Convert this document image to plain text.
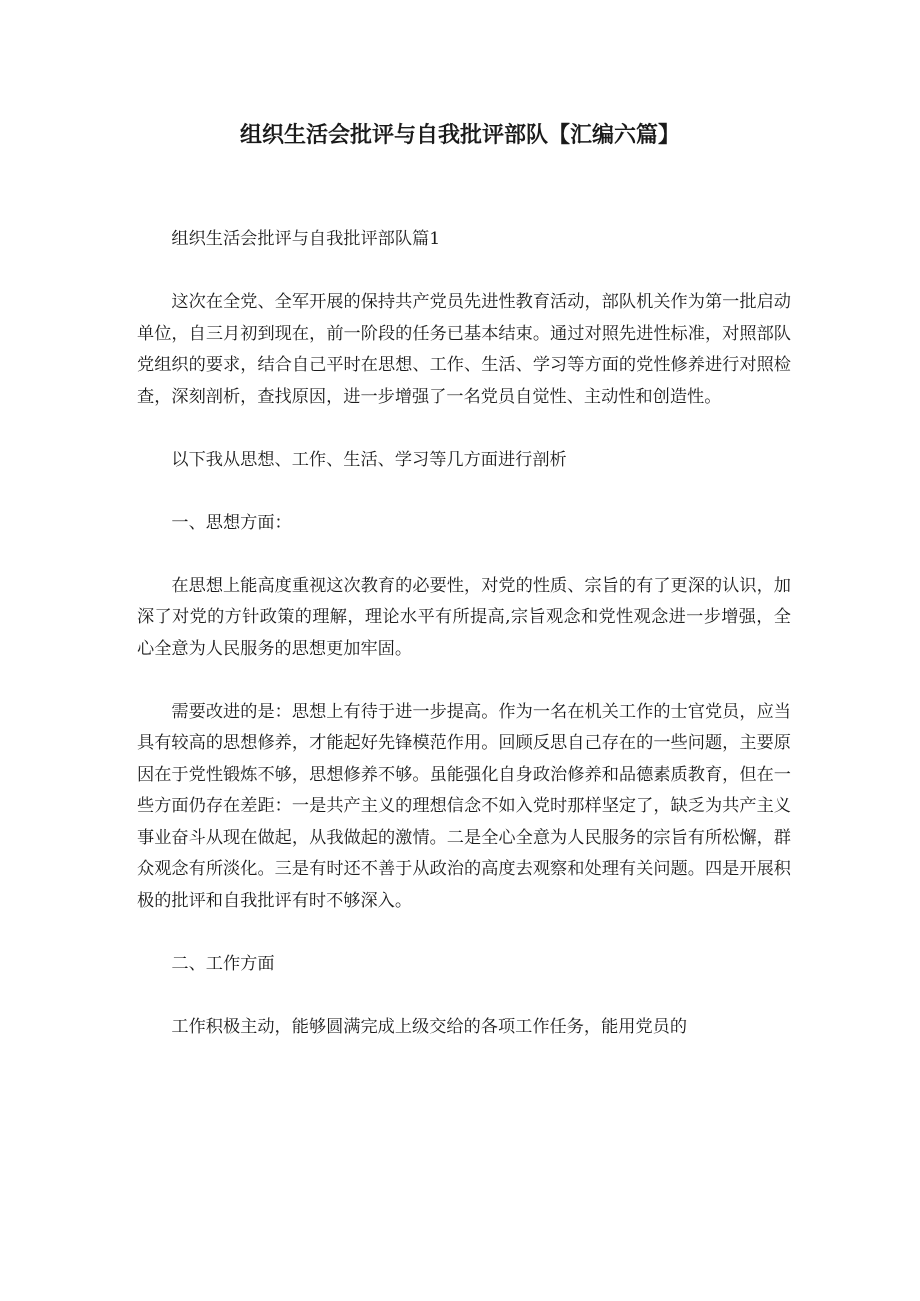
组织生活会批评与自我批评部队【汇编六篇】

组织生活会批评与自我批评部队篇1

这次在全党、全军开展的保持共产党员先进性教育活动，部队机关作为第一批启动单位，自三月初到现在，前一阶段的任务已基本结束。通过对照先进性标准，对照部队党组织的要求，结合自己平时在思想、工作、生活、学习等方面的党性修养进行对照检查，深刻剖析，查找原因，进一步增强了一名党员自觉性、主动性和创造性。

以下我从思想、工作、生活、学习等几方面进行剖析

一、思想方面：

在思想上能高度重视这次教育的必要性，对党的性质、宗旨的有了更深的认识，加深了对党的方针政策的理解，理论水平有所提高,宗旨观念和党性观念进一步增强，全心全意为人民服务的思想更加牢固。

需要改进的是：思想上有待于进一步提高。作为一名在机关工作的士官党员，应当具有较高的思想修养，才能起好先锋模范作用。回顾反思自己存在的一些问题，主要原因在于党性锻炼不够，思想修养不够。虽能强化自身政治修养和品德素质教育，但在一些方面仍存在差距：一是共产主义的理想信念不如入党时那样坚定了，缺乏为共产主义事业奋斗从现在做起，从我做起的激情。二是全心全意为人民服务的宗旨有所松懈，群众观念有所淡化。三是有时还不善于从政治的高度去观察和处理有关问题。四是开展积极的批评和自我批评有时不够深入。

二、工作方面

工作积极主动，能够圆满完成上级交给的各项工作任务，能用党员的
